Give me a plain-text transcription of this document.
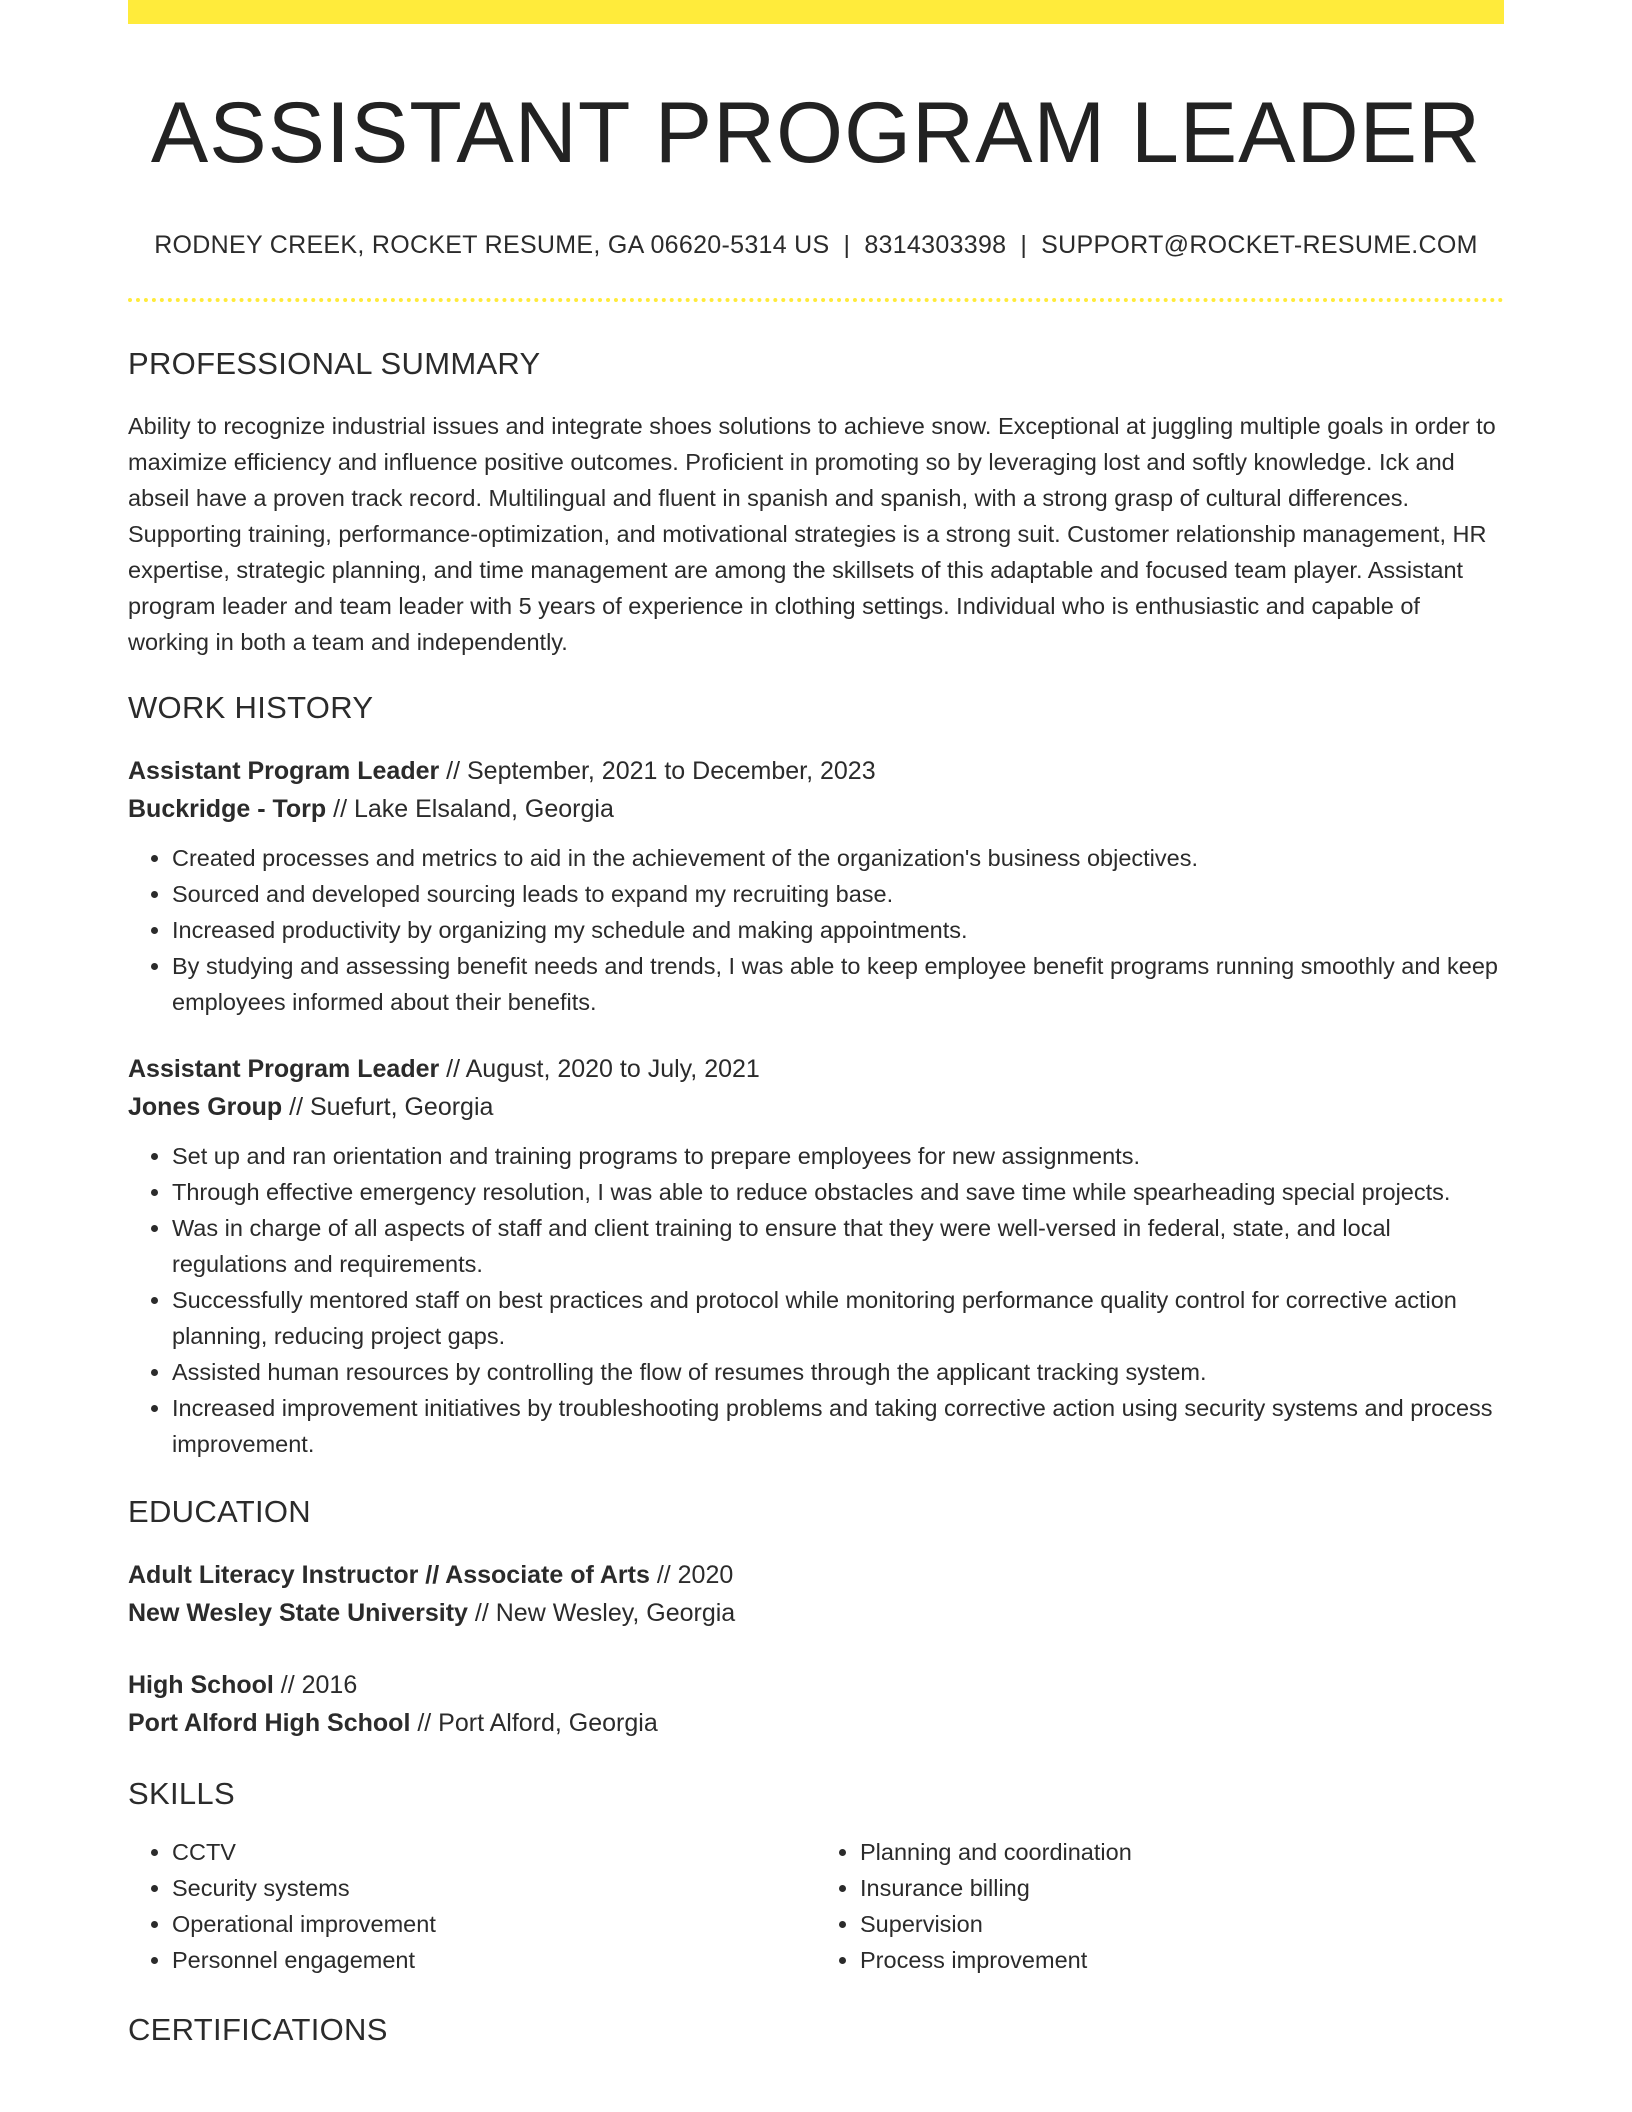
ASSISTANT PROGRAM LEADER
RODNEY CREEK, ROCKET RESUME, GA 06620-5314 US | 8314303398 | SUPPORT@ROCKET-RESUME.COM
PROFESSIONAL SUMMARY

Ability to recognize industrial issues and integrate shoes solutions to achieve snow. Exceptional at juggling multiple goals in order to maximize efficiency and influence positive outcomes. Proficient in promoting so by leveraging lost and softly knowledge. Ick and abseil have a proven track record. Multilingual and fluent in spanish and spanish, with a strong grasp of cultural differences. Supporting training, performance-optimization, and motivational strategies is a strong suit. Customer relationship management, HR expertise, strategic planning, and time management are among the skillsets of this adaptable and focused team player. Assistant program leader and team leader with 5 years of experience in clothing settings. Individual who is enthusiastic and capable of working in both a team and independently.

WORK HISTORY
Assistant Program Leader // September, 2021 to December, 2023
Buckridge - Torp // Lake Elsaland, Georgia
• Created processes and metrics to aid in the achievement of the organization's business objectives.
• Sourced and developed sourcing leads to expand my recruiting base.
• Increased productivity by organizing my schedule and making appointments.
• By studying and assessing benefit needs and trends, I was able to keep employee benefit programs running smoothly and keep employees informed about their benefits.
Assistant Program Leader // August, 2020 to July, 2021
Jones Group // Suefurt, Georgia
• Set up and ran orientation and training programs to prepare employees for new assignments.
• Through effective emergency resolution, I was able to reduce obstacles and save time while spearheading special projects.
• Was in charge of all aspects of staff and client training to ensure that they were well-versed in federal, state, and local regulations and requirements.
• Successfully mentored staff on best practices and protocol while monitoring performance quality control for corrective action planning, reducing project gaps.
• Assisted human resources by controlling the flow of resumes through the applicant tracking system.
• Increased improvement initiatives by troubleshooting problems and taking corrective action using security systems and process improvement.
EDUCATION
Adult Literacy Instructor // Associate of Arts // 2020
New Wesley State University // New Wesley, Georgia
High School // 2016
Port Alford High School // Port Alford, Georgia
SKILLS
• CCTV
• Security systems
• Operational improvement
• Personnel engagement
• Planning and coordination
• Insurance billing
• Supervision
• Process improvement
CERTIFICATIONS
